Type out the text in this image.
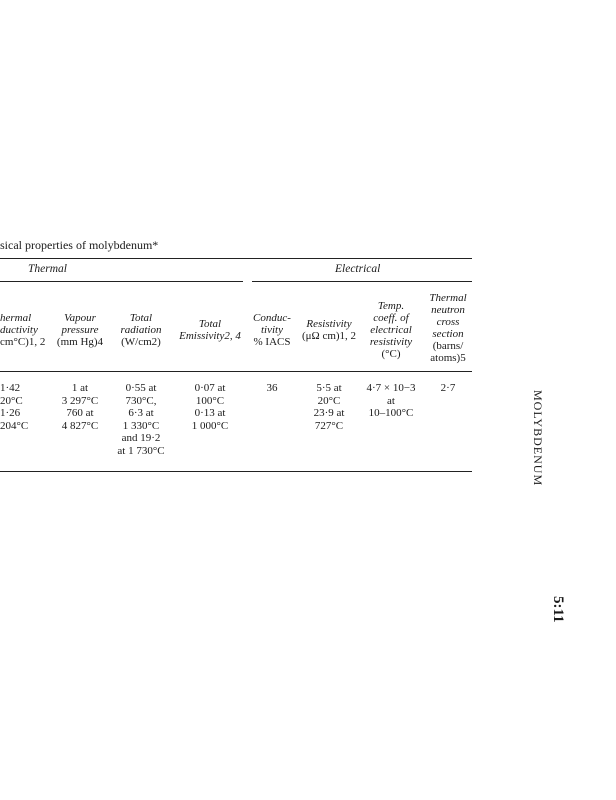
sical properties of molybdenum*
Thermal	Electrical
hermal
ductivity
cm°C)1, 2
Vapour
pressure
(mm Hg)4
Total
radiation
(W/cm2)
Total
Emissivity2, 4
Conduc-
tivity
% IACS
Resistivity
(μΩ cm)1, 2
Temp.
coeff. of
electrical
resistivity
(°C)
Thermal
neutron
cross
section
(barns/
atoms)5
1·42
20°C
1·26
204°C
1 at
3 297°C
760 at
4 827°C
0·55 at
730°C,
6·3 at
1 330°C
and 19·2
at 1 730°C
0·07 at
100°C
0·13 at
1 000°C
36	5·5 at
20°C
23·9 at
727°C
4·7 × 10−3
at
10–100°C
2·7
MOLYBDENUM
5:11
